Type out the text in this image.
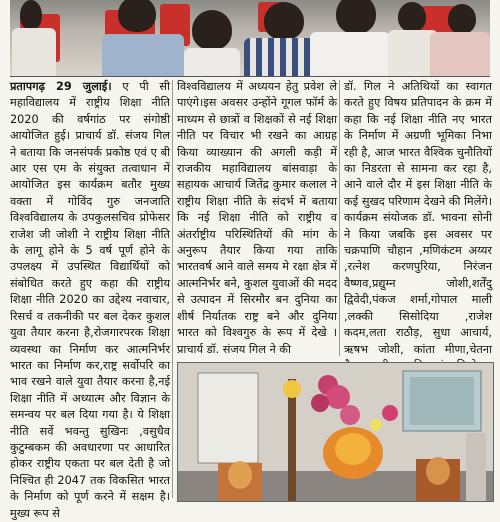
प्रतापगढ़ 29 जुलाई। ए पी सी महाविद्यालय में राष्ट्रीय शिक्षा नीति 2020 की वर्षगांठ पर संगोष्ठी आयोजित हुई। प्राचार्य डॉ. संजय गिल ने बताया कि जनसंपर्क प्रकोष्ठ एवं ए बी आर एस एम के संयुक्त तत्वाधान में आयोजित इस कार्यक्रम बतौर मुख्य वक्ता में गोविंद गुरु जनजाति विश्वविद्यालय के उपकुलसचिव प्रोफेसर राजेश जी जोशी ने राष्ट्रीय शिक्षा नीति के लागू होने के 5 वर्ष पूर्ण होने के उपलक्ष्य में उपस्थित विद्यार्थियों को संबोधित करते हुए कहा की राष्ट्रीय शिक्षा नीति 2020 का उद्देश्य नवाचार, रिसर्च व तकनीकी पर बल देकर कुशल युवा तैयार करना है,रोजगारपरक शिक्षा व्यवस्था का निर्माण कर आत्मनिर्भर भारत का निर्माण कर,राष्ट्र सर्वोपरि का भाव रखने वाले युवा तैयार करना है,नई शिक्षा नीति में अध्यात्म और विज्ञान के समन्वय पर बल दिया गया है। ये शिक्षा नीति सर्वे भवन्तु सुखिनः ,वसुधैव कुटुम्बकम की अवधारणा पर आधारित होकर राष्ट्रीय एकता पर बल देती है जो निश्चित ही 2047 तक विकसित भारत के निर्माण को पूर्ण करने में सक्षम है।मुख्य रूप से

विश्वविद्यालय में अध्ययन हेतु प्रवेश ले पाएंगे।इस अवसर उन्होंने गूगल फॉर्म के माध्यम से छात्रों व शिक्षकों से नई शिक्षा नीति पर विचार भी रखने का आग्रह किया व्याख्यान की अगली कड़ी में राजकीय महाविद्यालय बांसवाड़ा के सहायक आचार्य जितेंद्र कुमार कलाल ने राष्ट्रीय शिक्षा नीति के संदर्भ में बताया कि नई शिक्षा नीति को राष्ट्रीय व अंतर्राष्ट्रीय परिस्थितियों की मांग के अनुरूप तैयार किया गया ताकि भारतवर्ष आने वाले समय मे रक्षा क्षेत्र में आत्मनिर्भर बने, कुशल युवाओं की मदद से उत्पादन में सिरमौर बन दुनिया का शीर्ष निर्यातक राष्ट्र बने और दुनिया भारत को विश्वगुरु के रूप में देखे । प्राचार्य डॉ. संजय गिल ने की

डॉ. गिल ने अतिथियों का स्वागत करते हुए विषय प्रतिपादन के क्रम में कहा कि नई शिक्षा नीति नए भारत के निर्माण में अग्रणी भूमिका निभा रही है, आज भारत वैश्विक चुनौतियों का निडरता से सामना कर रहा है, आने वाले दौर में इस शिक्षा नीति के कई सुखद परिणाम देखने की मिलेंगे। कार्यक्रम संयोजक डॉ. भावना सोनी ने किया जबकि इस अवसर पर चक्रपाणि चौहान ,मणिकंटम अय्यर ,रत्नेश करणपुरिया, निरंजन वैष्णव,प्रद्युम्न जोशी,शर्तेंदु द्विवेदी,पंकज शर्मा,गोपाल माली ,लक्की सिसोदिया ,राजेश कदम,लता राठौड़, सुधा आचार्य, ऋषभ जोशी, कांता मीणा,चेतना
